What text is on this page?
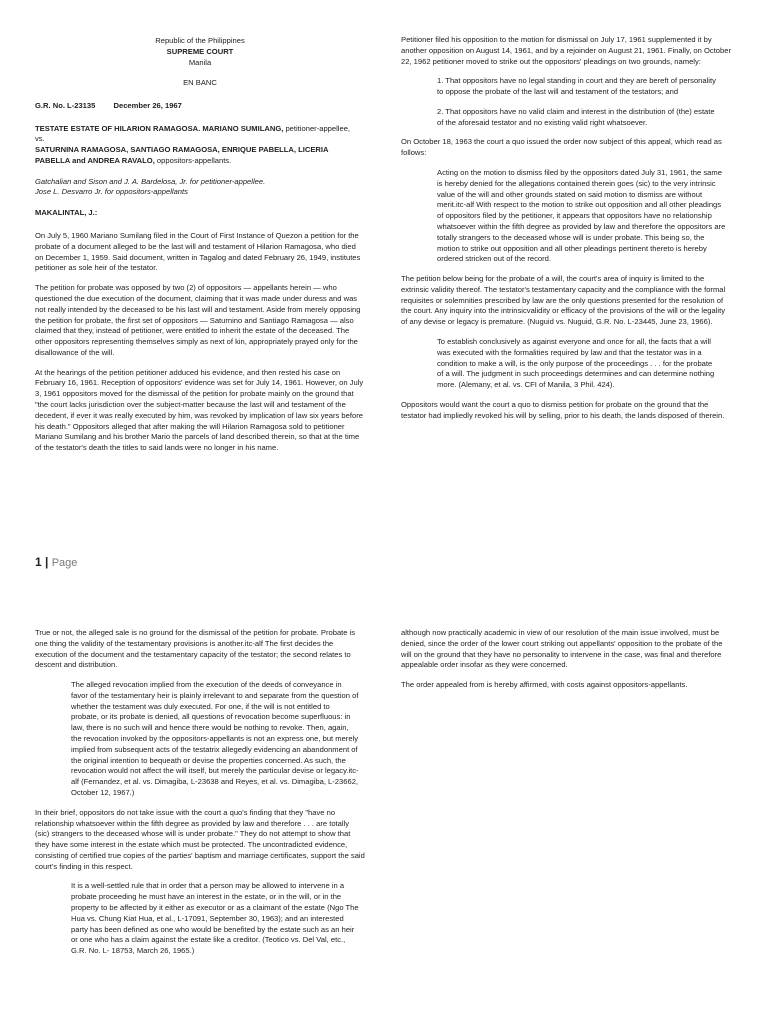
Republic of the Philippines

SUPREME COURT

Manila

EN BANC

G.R. No. L-23135 December 26, 1967

TESTATE ESTATE OF HILARION RAMAGOSA. MARIANO SUMILANG, petitioner-appellee,
vs.
SATURNINA RAMAGOSA, SANTIAGO RAMAGOSA, ENRIQUE PABELLA, LICERIA PABELLA and ANDREA RAVALO, oppositors-appellants.

Gatchalian and Sison and J. A. Bardelosa, Jr. for petitioner-appellee.
Jose L. Desvarro Jr. for oppositors-appellants

MAKALINTAL, J.:

On July 5, 1960 Mariano Sumilang filed in the Court of First Instance of Quezon a petition for the probate of a document alleged to be the last will and testament of Hilarion Ramagosa, who died on December 1, 1959. Said document, written in Tagalog and dated February 26, 1949, institutes petitioner as sole heir of the testator.

The petition for probate was opposed by two (2) of oppositors — appellants herein — who questioned the due execution of the document, claiming that it was made under duress and was not really intended by the deceased to be his last will and testament. Aside from merely opposing the petition for probate, the first set of oppositors — Saturnino and Santiago Ramagosa — also claimed that they, instead of petitioner, were entitled to inherit the estate of the deceased. The other oppositors representing themselves simply as next of kin, appropriately prayed only for the disallowance of the will.

At the hearings of the petition petitioner adduced his evidence, and then rested his case on February 16, 1961. Reception of oppositors' evidence was set for July 14, 1961. However, on July 3, 1961 oppositors moved for the dismissal of the petition for probate mainly on the ground that "the court lacks jurisdiction over the subject-matter because the last will and testament of the decedent, if ever it was really executed by him, was revoked by implication of law six years before his death." Oppositors alleged that after making the will Hilarion Ramagosa sold to petitioner Mariano Sumilang and his brother Mario the parcels of land described therein, so that at the time of the testator's death the titles to said lands were no longer in his name.

Petitioner filed his opposition to the motion for dismissal on July 17, 1961 supplemented it by another opposition on August 14, 1961, and by a rejoinder on August 21, 1961. Finally, on October 22, 1962 petitioner moved to strike out the oppositors' pleadings on two grounds, namely:

1. That oppositors have no legal standing in court and they are bereft of personality to oppose the probate of the last will and testament of the testators; and

2. That oppositors have no valid claim and interest in the distribution of (the) estate of the aforesaid testator and no existing valid right whatsoever.

On October 18, 1963 the court a quo issued the order now subject of this appeal, which read as follows:

Acting on the motion to dismiss filed by the oppositors dated July 31, 1961, the same is hereby denied for the allegations contained therein goes (sic) to the very intrinsic value of the will and other grounds stated on said motion to dismiss are without merit.itc-alf With respect to the motion to strike out opposition and all other pleadings of oppositors filed by the petitioner, it appears that oppositors have no relationship whatsoever within the fifth degree as provided by law and therefore the oppositors are totally strangers to the deceased whose will is under probate. This being so, the motion to strike out opposition and all other pleadings pertinent thereto is hereby ordered stricken out of the record.

The petition below being for the probate of a will, the court's area of inquiry is limited to the extrinsic validity thereof. The testator's testamentary capacity and the compliance with the formal requisites or solemnities prescribed by law are the only questions presented for the resolution of the court. Any inquiry into the intrinsicvalidity or efficacy of the provisions of the will or the legality of any devise or legacy is premature. (Nuguid vs. Nuguid, G.R. No. L-23445, June 23, 1966).

To establish conclusively as against everyone and once for all, the facts that a will was executed with the formalities required by law and that the testator was in a condition to make a will, is the only purpose of the proceedings . . . for the probate of a will. The judgment in such proceedings determines and can determine nothing more. (Alemany, et al. vs. CFI of Manila, 3 Phil. 424).

Oppositors would want the court a quo to dismiss petition for probate on the ground that the testator had impliedly revoked his will by selling, prior to his death, the lands disposed of therein.

1 | Page

True or not, the alleged sale is no ground for the dismissal of the petition for probate. Probate is one thing the validity of the testamentary provisions is another.itc-alf The first decides the execution of the document and the testamentary capacity of the testator; the second relates to descent and distribution.

The alleged revocation implied from the execution of the deeds of conveyance in favor of the testamentary heir is plainly irrelevant to and separate from the question of whether the testament was duly executed. For one, if the will is not entitled to probate, or its probate is denied, all questions of revocation become superfluous: in law, there is no such will and hence there would be nothing to revoke. Then, again, the revocation invoked by the oppositors-appellants is not an express one, but merely implied from subsequent acts of the testatrix allegedly evidencing an abandonment of the original intention to bequeath or devise the properties concerned. As such, the revocation would not affect the will itself, but merely the particular devise or legacy.itc-alf (Fernandez, et al. vs. Dimagiba, L-23638 and Reyes, et al. vs. Dimagiba, L-23662, October 12, 1967.)

In their brief, oppositors do not take issue with the court a quo's finding that they "have no relationship whatsoever within the fifth degree as provided by law and therefore . . . are totally (sic) strangers to the deceased whose will is under probate." They do not attempt to show that they have some interest in the estate which must be protected. The uncontradicted evidence, consisting of certified true copies of the parties' baptism and marriage certificates, support the said court's finding in this respect.

It is a well-settled rule that in order that a person may be allowed to intervene in a probate proceeding he must have an interest in the estate, or in the will, or in the property to be affected by it either as executor or as a claimant of the estate (Ngo The Hua vs. Chung Kiat Hua, et al., L-17091, September 30, 1963); and an interested party has been defined as one who would be benefited by the estate such as an heir or one who has a claim against the estate like a creditor. (Teotico vs. Del Val, etc., G.R. No. L- 18753, March 26, 1965.)

although now practically academic in view of our resolution of the main issue involved, must be denied, since the order of the lower court striking out appellants' opposition to the probate of the will on the ground that they have no personality to intervene in the case, was final and therefore appealable order insofar as they were concerned.

The order appealed from is hereby affirmed, with costs against oppositors-appellants.
